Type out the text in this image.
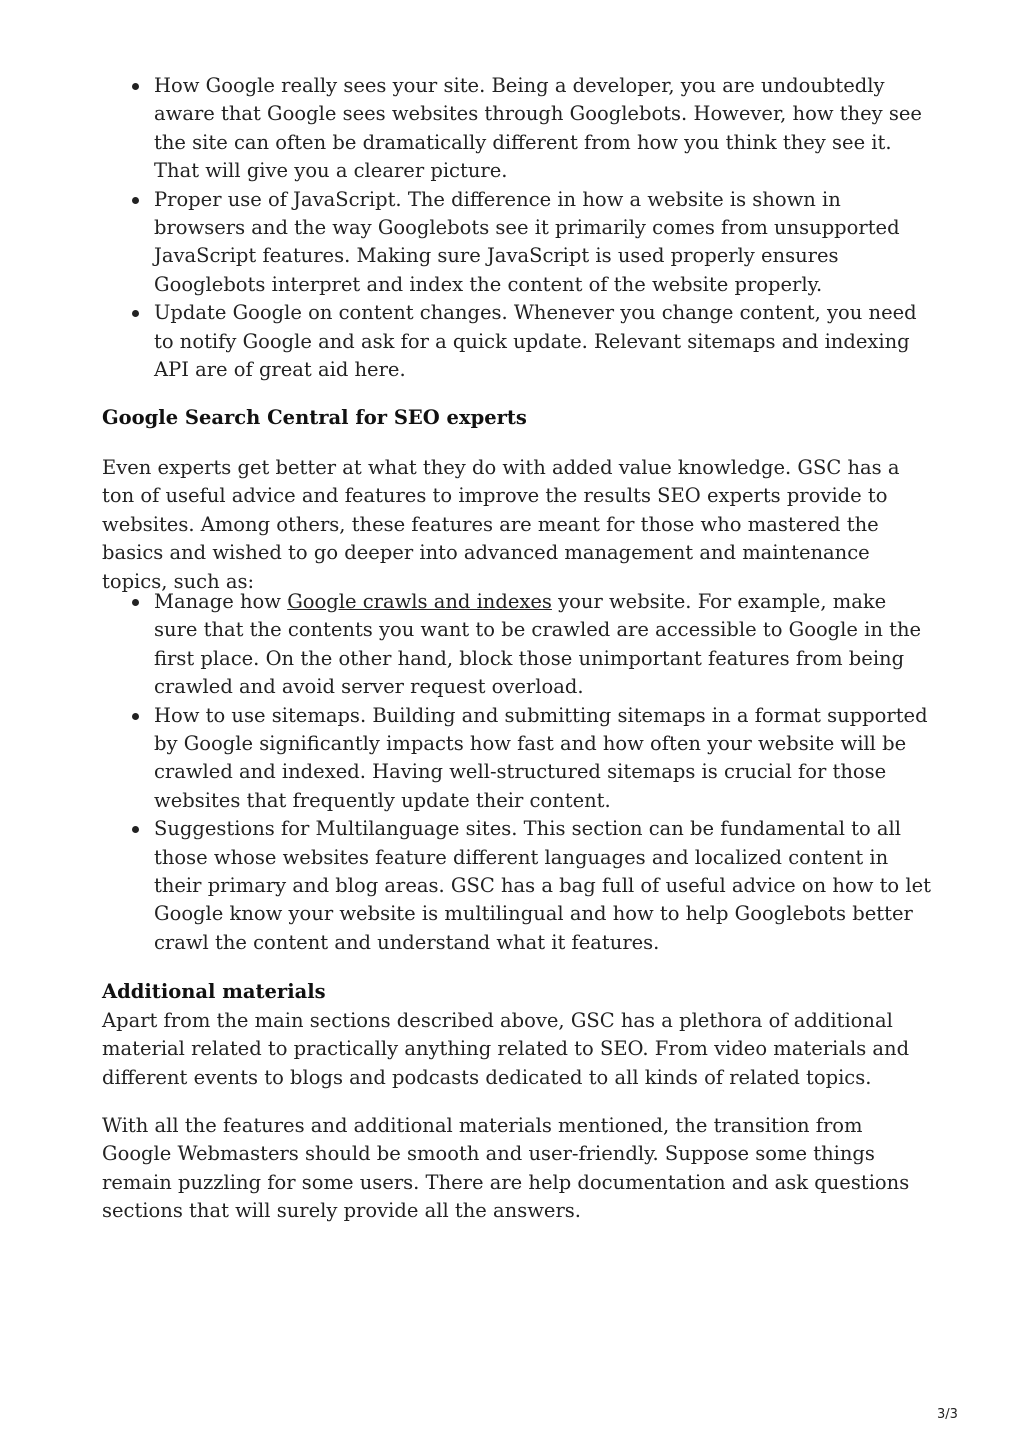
How Google really sees your site. Being a developer, you are undoubtedly aware that Google sees websites through Googlebots. However, how they see the site can often be dramatically different from how you think they see it. That will give you a clearer picture.
Proper use of JavaScript. The difference in how a website is shown in browsers and the way Googlebots see it primarily comes from unsupported JavaScript features. Making sure JavaScript is used properly ensures Googlebots interpret and index the content of the website properly.
Update Google on content changes. Whenever you change content, you need to notify Google and ask for a quick update. Relevant sitemaps and indexing API are of great aid here.
Google Search Central for SEO experts

Even experts get better at what they do with added value knowledge. GSC has a ton of useful advice and features to improve the results SEO experts provide to websites. Among others, these features are meant for those who mastered the basics and wished to go deeper into advanced management and maintenance topics, such as:

Manage how Google crawls and indexes your website. For example, make sure that the contents you want to be crawled are accessible to Google in the first place. On the other hand, block those unimportant features from being crawled and avoid server request overload.
How to use sitemaps. Building and submitting sitemaps in a format supported by Google significantly impacts how fast and how often your website will be crawled and indexed. Having well-structured sitemaps is crucial for those websites that frequently update their content.
Suggestions for Multilanguage sites. This section can be fundamental to all those whose websites feature different languages and localized content in their primary and blog areas. GSC has a bag full of useful advice on how to let Google know your website is multilingual and how to help Googlebots better crawl the content and understand what it features.
Additional materials

Apart from the main sections described above, GSC has a plethora of additional material related to practically anything related to SEO. From video materials and different events to blogs and podcasts dedicated to all kinds of related topics.

With all the features and additional materials mentioned, the transition from Google Webmasters should be smooth and user-friendly. Suppose some things remain puzzling for some users. There are help documentation and ask questions sections that will surely provide all the answers.

3/3
